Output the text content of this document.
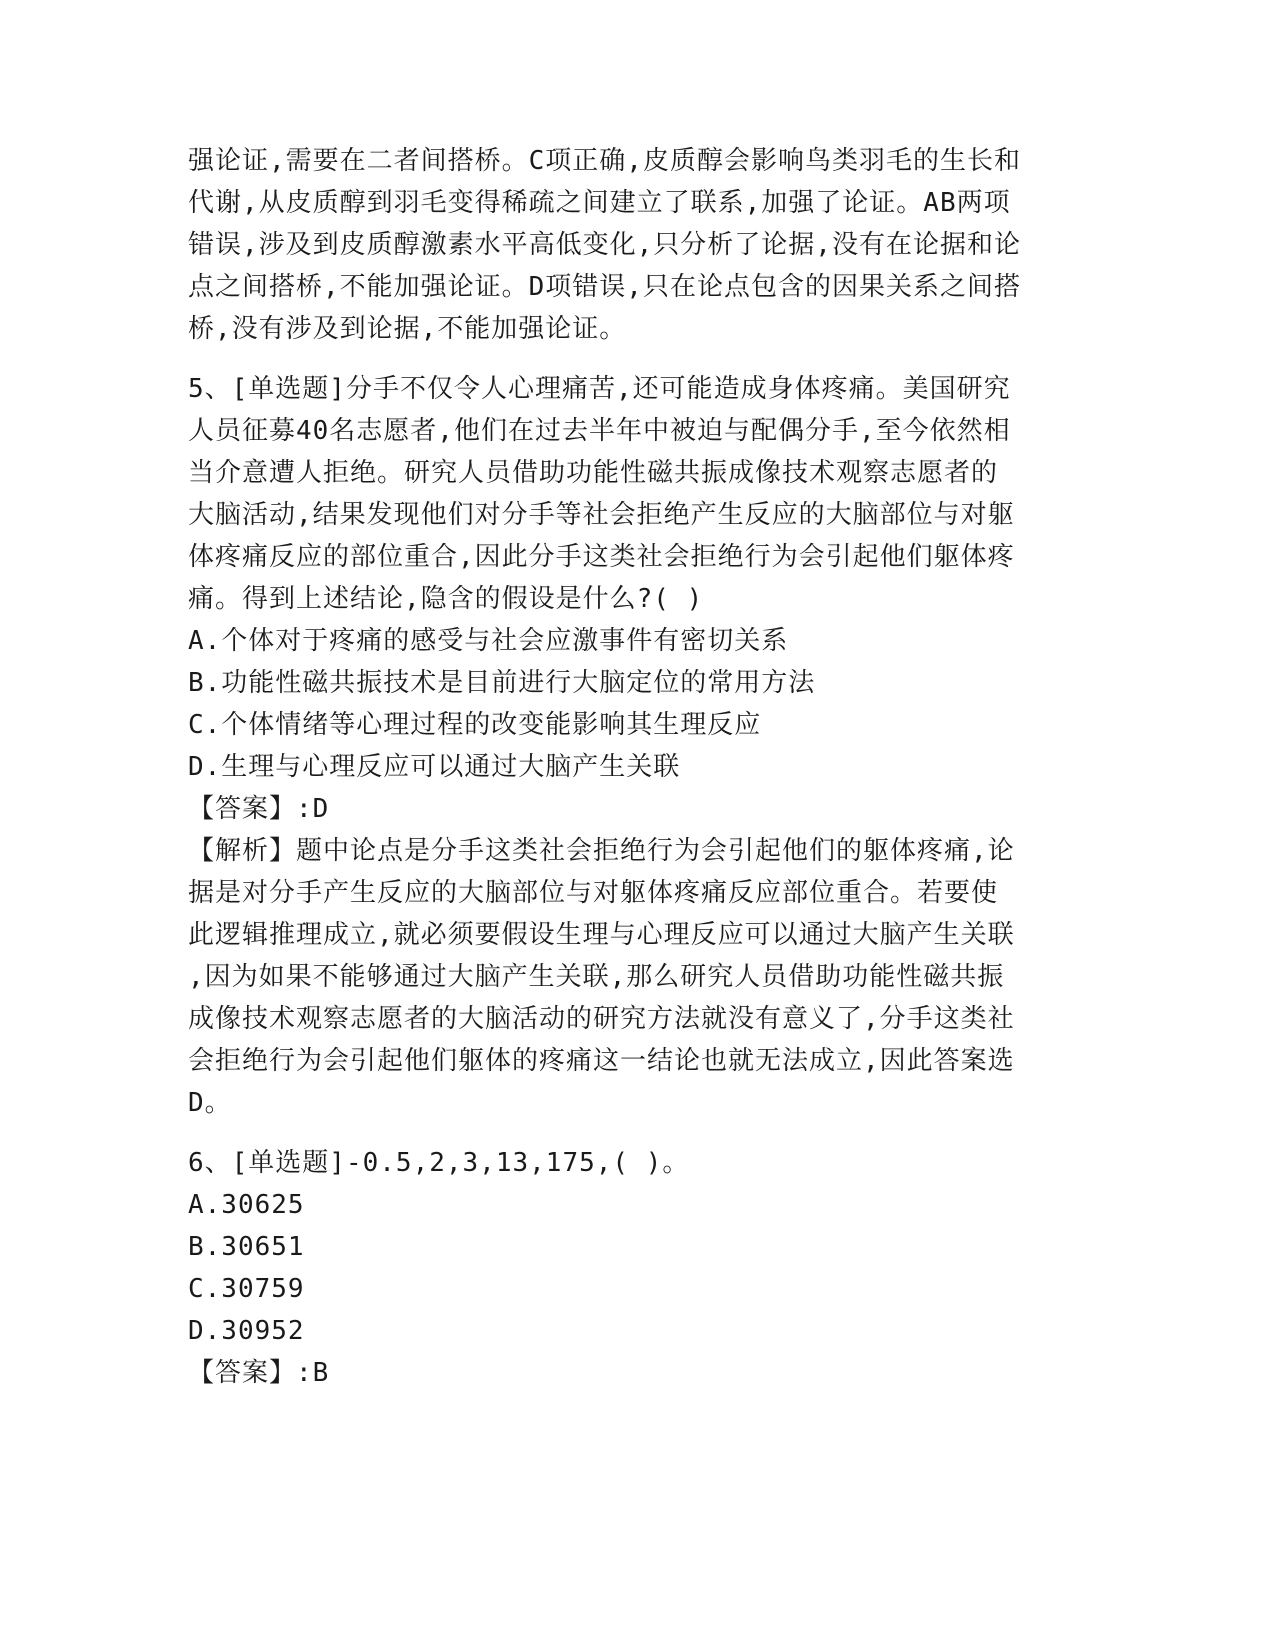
强论证,需要在二者间搭桥。C项正确,皮质醇会影响鸟类羽毛的生长和
代谢,从皮质醇到羽毛变得稀疏之间建立了联系,加强了论证。AB两项
错误,涉及到皮质醇激素水平高低变化,只分析了论据,没有在论据和论
点之间搭桥,不能加强论证。D项错误,只在论点包含的因果关系之间搭
桥,没有涉及到论据,不能加强论证。
5、[单选题]分手不仅令人心理痛苦,还可能造成身体疼痛。美国研究
人员征募40名志愿者,他们在过去半年中被迫与配偶分手,至今依然相
当介意遭人拒绝。研究人员借助功能性磁共振成像技术观察志愿者的
大脑活动,结果发现他们对分手等社会拒绝产生反应的大脑部位与对躯
体疼痛反应的部位重合,因此分手这类社会拒绝行为会引起他们躯体疼
痛。得到上述结论,隐含的假设是什么?( )
A.个体对于疼痛的感受与社会应激事件有密切关系
B.功能性磁共振技术是目前进行大脑定位的常用方法
C.个体情绪等心理过程的改变能影响其生理反应
D.生理与心理反应可以通过大脑产生关联
【答案】:D
【解析】题中论点是分手这类社会拒绝行为会引起他们的躯体疼痛,论
据是对分手产生反应的大脑部位与对躯体疼痛反应部位重合。若要使
此逻辑推理成立,就必须要假设生理与心理反应可以通过大脑产生关联
,因为如果不能够通过大脑产生关联,那么研究人员借助功能性磁共振
成像技术观察志愿者的大脑活动的研究方法就没有意义了,分手这类社
会拒绝行为会引起他们躯体的疼痛这一结论也就无法成立,因此答案选
D。
6、[单选题]-0.5,2,3,13,175,( )。
A.30625
B.30651
C.30759
D.30952
【答案】:B
